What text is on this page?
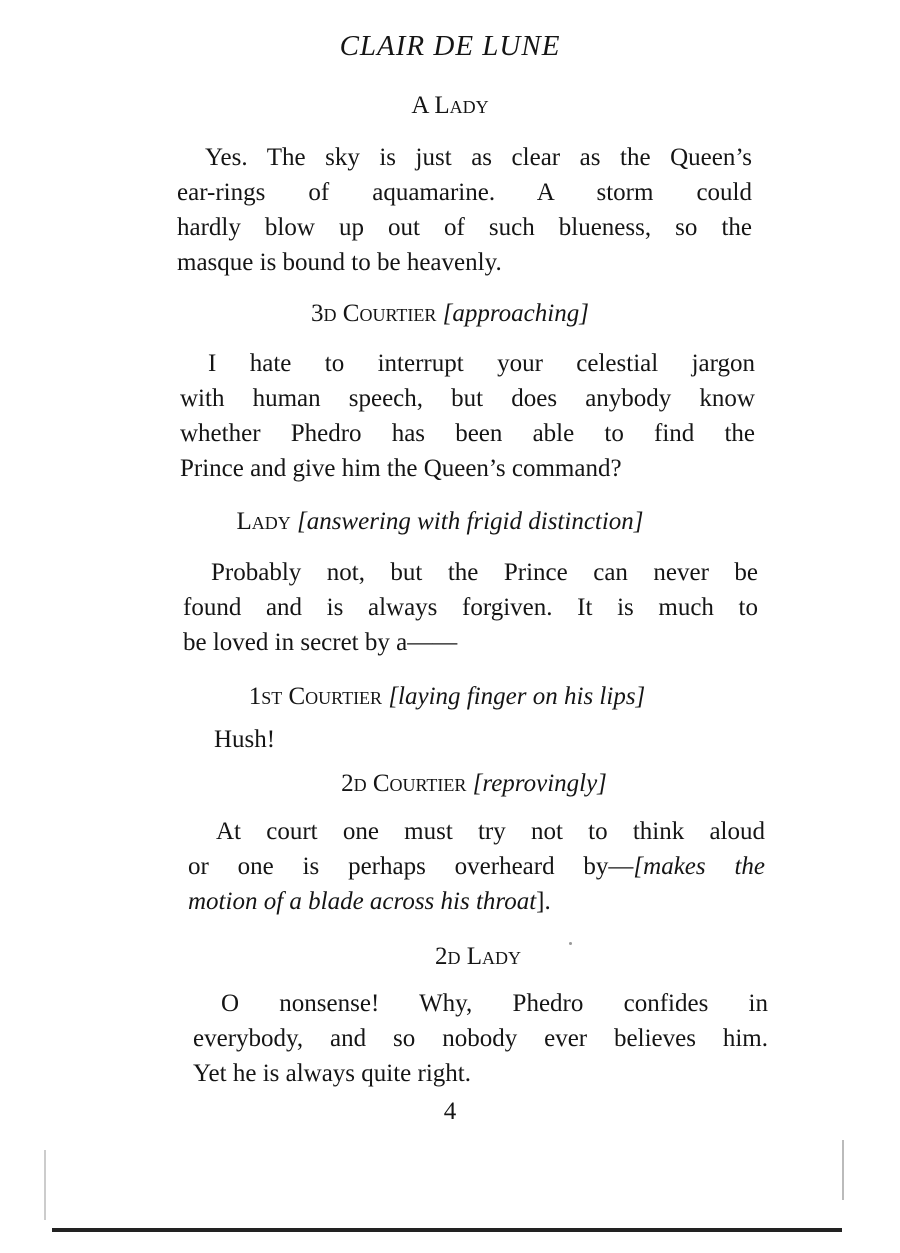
CLAIR DE LUNE
A Lady
Yes. The sky is just as clear as the Queen’s
ear-rings of aquamarine. A storm could
hardly blow up out of such blueness, so the
masque is bound to be heavenly.
3d Courtier [approaching]
I hate to interrupt your celestial jargon
with human speech, but does anybody know
whether Phedro has been able to find the
Prince and give him the Queen’s command?
Lady [answering with frigid distinction]
Probably not, but the Prince can never be
found and is always forgiven. It is much to
be loved in secret by a——
1st Courtier [laying finger on his lips]
Hush!
2d Courtier [reprovingly]
At court one must try not to think aloud
or one is perhaps overheard by—[makes the
motion of a blade across his throat].
2d Lady
O nonsense! Why, Phedro confides in
everybody, and so nobody ever believes him.
Yet he is always quite right.
4
